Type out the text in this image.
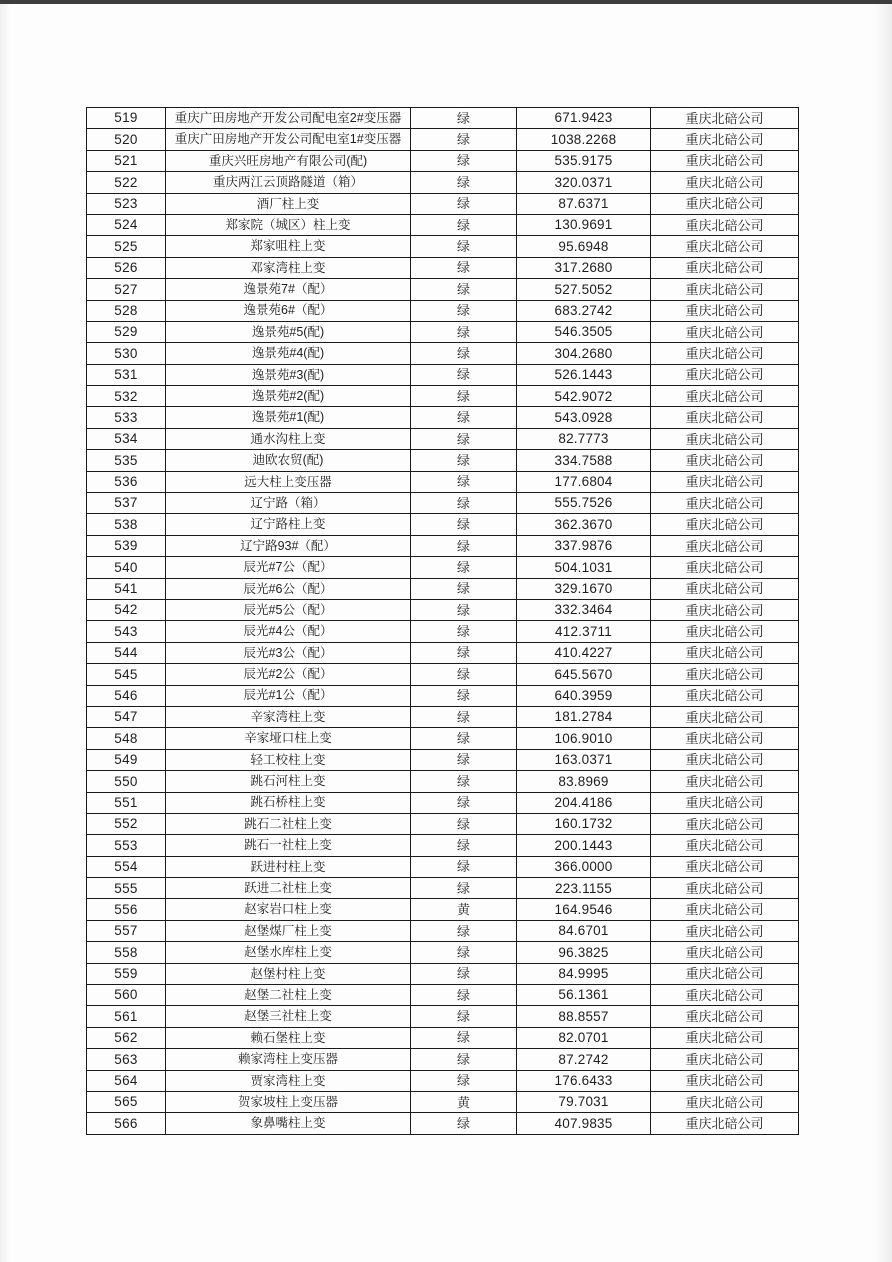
519	重庆广田房地产开发公司配电室2#变压器	绿	671.9423	重庆北碚公司
520	重庆广田房地产开发公司配电室1#变压器	绿	1038.2268	重庆北碚公司
521	重庆兴旺房地产有限公司(配)	绿	535.9175	重庆北碚公司
522	重庆两江云顶路隧道（箱）	绿	320.0371	重庆北碚公司
523	酒厂柱上变	绿	87.6371	重庆北碚公司
524	郑家院（城区）柱上变	绿	130.9691	重庆北碚公司
525	郑家咀柱上变	绿	95.6948	重庆北碚公司
526	邓家湾柱上变	绿	317.2680	重庆北碚公司
527	逸景苑7#（配）	绿	527.5052	重庆北碚公司
528	逸景苑6#（配）	绿	683.2742	重庆北碚公司
529	逸景苑#5(配)	绿	546.3505	重庆北碚公司
530	逸景苑#4(配)	绿	304.2680	重庆北碚公司
531	逸景苑#3(配)	绿	526.1443	重庆北碚公司
532	逸景苑#2(配)	绿	542.9072	重庆北碚公司
533	逸景苑#1(配)	绿	543.0928	重庆北碚公司
534	通水沟柱上变	绿	82.7773	重庆北碚公司
535	迪欧农贸(配)	绿	334.7588	重庆北碚公司
536	远大柱上变压器	绿	177.6804	重庆北碚公司
537	辽宁路（箱）	绿	555.7526	重庆北碚公司
538	辽宁路柱上变	绿	362.3670	重庆北碚公司
539	辽宁路93#（配）	绿	337.9876	重庆北碚公司
540	辰光#7公（配）	绿	504.1031	重庆北碚公司
541	辰光#6公（配）	绿	329.1670	重庆北碚公司
542	辰光#5公（配）	绿	332.3464	重庆北碚公司
543	辰光#4公（配）	绿	412.3711	重庆北碚公司
544	辰光#3公（配）	绿	410.4227	重庆北碚公司
545	辰光#2公（配）	绿	645.5670	重庆北碚公司
546	辰光#1公（配）	绿	640.3959	重庆北碚公司
547	辛家湾柱上变	绿	181.2784	重庆北碚公司
548	辛家垭口柱上变	绿	106.9010	重庆北碚公司
549	轻工校柱上变	绿	163.0371	重庆北碚公司
550	跳石河柱上变	绿	83.8969	重庆北碚公司
551	跳石桥柱上变	绿	204.4186	重庆北碚公司
552	跳石二社柱上变	绿	160.1732	重庆北碚公司
553	跳石一社柱上变	绿	200.1443	重庆北碚公司
554	跃进村柱上变	绿	366.0000	重庆北碚公司
555	跃进二社柱上变	绿	223.1155	重庆北碚公司
556	赵家岩口柱上变	黄	164.9546	重庆北碚公司
557	赵堡煤厂柱上变	绿	84.6701	重庆北碚公司
558	赵堡水库柱上变	绿	96.3825	重庆北碚公司
559	赵堡村柱上变	绿	84.9995	重庆北碚公司
560	赵堡二社柱上变	绿	56.1361	重庆北碚公司
561	赵堡三社柱上变	绿	88.8557	重庆北碚公司
562	赖石堡柱上变	绿	82.0701	重庆北碚公司
563	赖家湾柱上变压器	绿	87.2742	重庆北碚公司
564	贾家湾柱上变	绿	176.6433	重庆北碚公司
565	贺家坡柱上变压器	黄	79.7031	重庆北碚公司
566	象鼻嘴柱上变	绿	407.9835	重庆北碚公司
